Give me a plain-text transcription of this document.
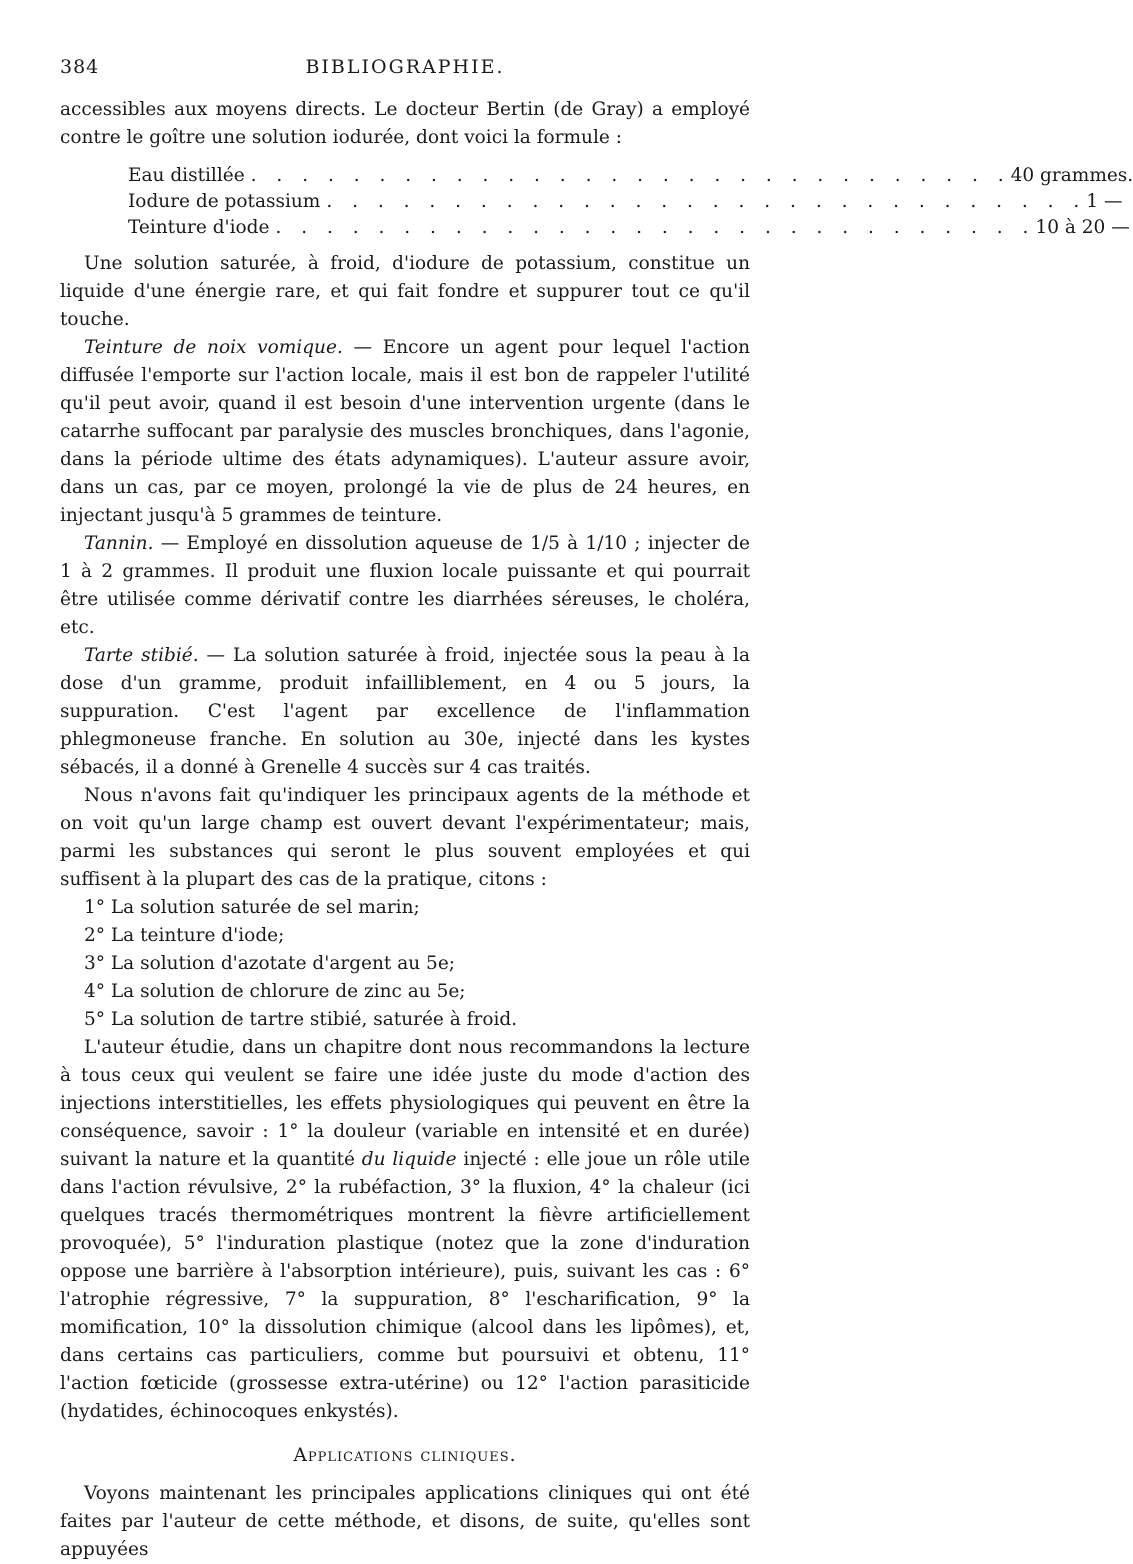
384	BIBLIOGRAPHIE.

accessibles aux moyens directs. Le docteur Bertin (de Gray) a employé contre le goître une solution iodurée, dont voici la formule :

Eau distillée . . . . . . . . . . . . . . . . . . . . . . . . . . . . . . 40 grammes.
Iodure de potassium . . . . . . . . . . . . . . . . . . . . . . . . . . . . . . 1 —
Teinture d'iode . . . . . . . . . . . . . . . . . . . . . . . . . . . . . . 10 à 20 —

Une solution saturée, à froid, d'iodure de potassium, constitue un liquide d'une énergie rare, et qui fait fondre et suppurer tout ce qu'il touche.

Teinture de noix vomique. — Encore un agent pour lequel l'action diffusée l'emporte sur l'action locale, mais il est bon de rappeler l'utilité qu'il peut avoir, quand il est besoin d'une intervention urgente (dans le catarrhe suffocant par paralysie des muscles bronchiques, dans l'agonie, dans la période ultime des états adynamiques). L'auteur assure avoir, dans un cas, par ce moyen, prolongé la vie de plus de 24 heures, en injectant jusqu'à 5 grammes de teinture.

Tannin. — Employé en dissolution aqueuse de 1/5 à 1/10 ; injecter de 1 à 2 grammes. Il produit une fluxion locale puissante et qui pourrait être utilisée comme dérivatif contre les diarrhées séreuses, le choléra, etc.

Tarte stibié. — La solution saturée à froid, injectée sous la peau à la dose d'un gramme, produit infailliblement, en 4 ou 5 jours, la suppuration. C'est l'agent par excellence de l'inflammation phlegmoneuse franche. En solution au 30e, injecté dans les kystes sébacés, il a donné à Grenelle 4 succès sur 4 cas traités.

Nous n'avons fait qu'indiquer les principaux agents de la méthode et on voit qu'un large champ est ouvert devant l'expérimentateur; mais, parmi les substances qui seront le plus souvent employées et qui suffisent à la plupart des cas de la pratique, citons :

1° La solution saturée de sel marin;
2° La teinture d'iode;
3° La solution d'azotate d'argent au 5e;
4° La solution de chlorure de zinc au 5e;
5° La solution de tartre stibié, saturée à froid.

L'auteur étudie, dans un chapitre dont nous recommandons la lecture à tous ceux qui veulent se faire une idée juste du mode d'action des injections interstitielles, les effets physiologiques qui peuvent en être la conséquence, savoir : 1° la douleur (variable en intensité et en durée) suivant la nature et la quantité du liquide injecté : elle joue un rôle utile dans l'action révulsive, 2° la rubéfaction, 3° la fluxion, 4° la chaleur (ici quelques tracés thermométriques montrent la fièvre artificiellement provoquée), 5° l'induration plastique (notez que la zone d'induration oppose une barrière à l'absorption intérieure), puis, suivant les cas : 6° l'atrophie régressive, 7° la suppuration, 8° l'escharification, 9° la momification, 10° la dissolution chimique (alcool dans les lipômes), et, dans certains cas particuliers, comme but poursuivi et obtenu, 11° l'action fœticide (grossesse extra-utérine) ou 12° l'action parasiticide (hydatides, échinocoques enkystés).

Applications cliniques.

Voyons maintenant les principales applications cliniques qui ont été faites par l'auteur de cette méthode, et disons, de suite, qu'elles sont appuyées
